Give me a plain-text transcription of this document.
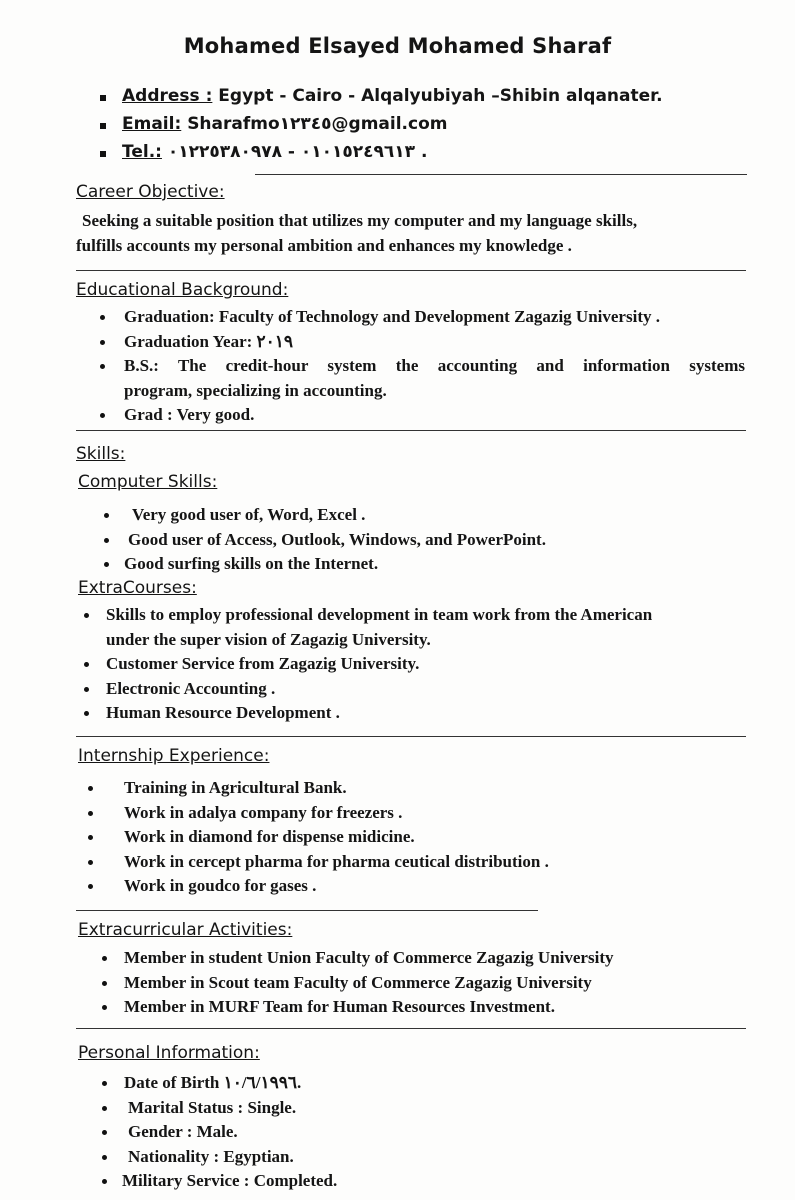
Mohamed Elsayed Mohamed Sharaf
Address : Egypt - Cairo - Alqalyubiyah –Shibin alqanater.
Email: Sharafmo١٢٣٤٥@gmail.com
Tel.: ٠١٠١٥٢٤٩٦١٣ - ٠١٢٢٥٣٨٠٩٧٨ .
Career Objective:
Seeking a suitable position that utilizes my computer and my language skills,
fulfills accounts my personal ambition and enhances my knowledge .
Educational Background:
Graduation: Faculty of Technology and Development Zagazig University .
Graduation Year: ٢٠١٩
B.S.: The credit-hour system the accounting and information systems
program, specializing in accounting.
Grad : Very good.
Skills:
Computer Skills:
Very good user of, Word, Excel .
Good user of Access, Outlook, Windows, and PowerPoint.
Good surfing skills on the Internet.
ExtraCourses:
Skills to employ professional development in team work from the American
under the super vision of Zagazig University.
Customer Service from Zagazig University.
Electronic Accounting .
Human Resource Development .
Internship Experience:
Training in Agricultural Bank.
Work in adalya company for freezers .
Work in diamond for dispense midicine.
Work in cercept pharma for pharma ceutical distribution .
Work in goudco for gases .
Extracurricular Activities:
Member in student Union Faculty of Commerce Zagazig University
Member in Scout team Faculty of Commerce Zagazig University
Member in MURF Team for Human Resources Investment.
Personal Information:
Date of Birth ١٠/٦/١٩٩٦.
Marital Status : Single.
Gender : Male.
Nationality : Egyptian.
Military Service : Completed.
